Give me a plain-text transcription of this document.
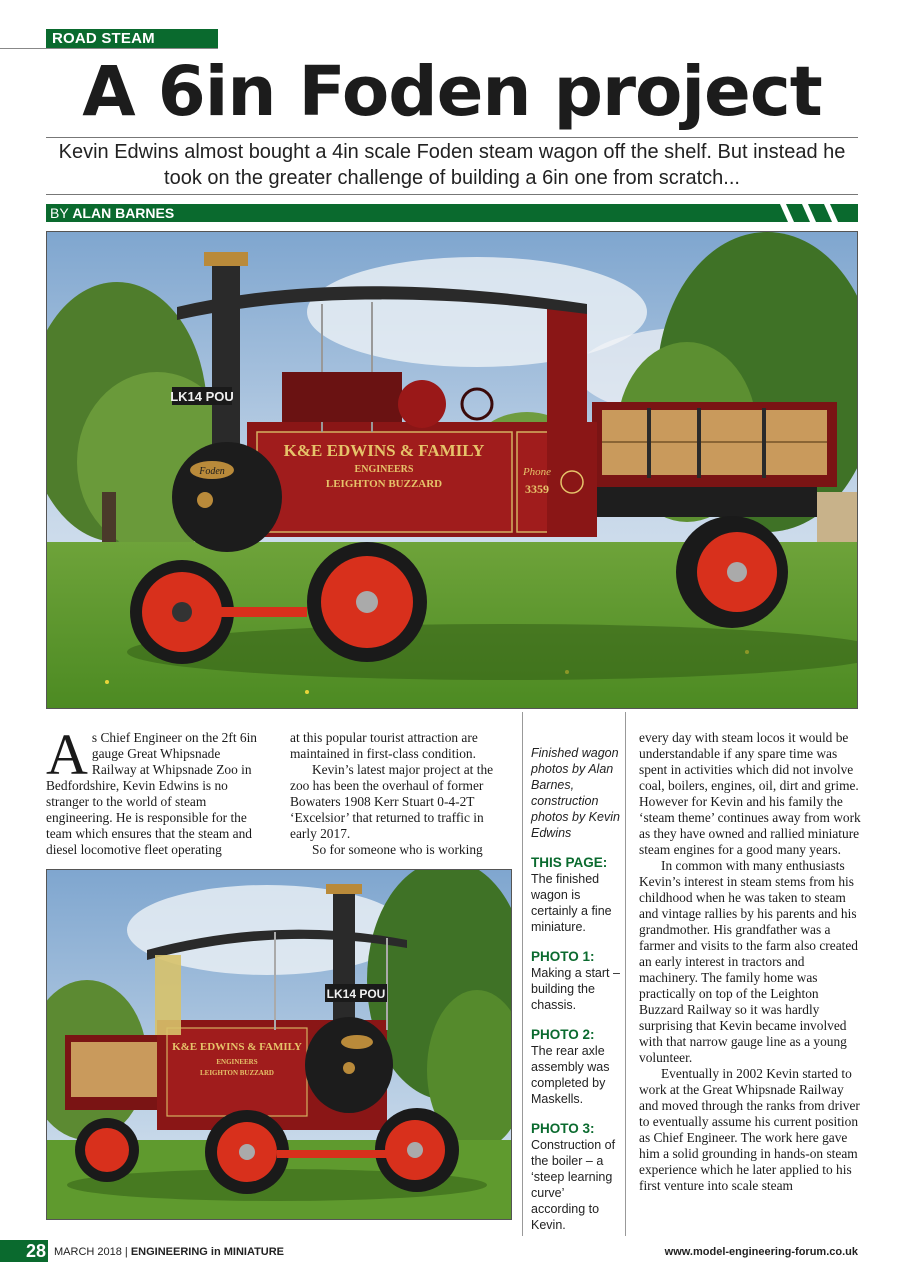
ROAD STEAM
A 6in Foden project
Kevin Edwins almost bought a 4in scale Foden steam wagon off the shelf. But instead he
took on the greater challenge of building a 6in one from scratch...
BY ALAN BARNES
K&E EDWINS & FAMILY
ENGINEERS
LEIGHTON BUZZARD
Phone
3359
LK14 POU
Foden

As Chief Engineer on the 2ft 6in gauge Great Whipsnade Railway at Whipsnade Zoo in Bedfordshire, Kevin Edwins is no stranger to the world of steam engineering. He is responsible for the team which ensures that the steam and diesel locomotive fleet operating

at this popular tourist attraction are maintained in first-class condition.

Kevin’s latest major project at the zoo has been the overhaul of former Bowaters 1908 Kerr Stuart 0-4-2T ‘Excelsior’ that returned to traffic in early 2017.

So for someone who is working

K&E EDWINS & FAMILY
ENGINEERS
LEIGHTON BUZZARD
LK14 POU
Finished wagon photos by Alan Barnes, construction photos by Kevin Edwins
THIS PAGE:
The finished wagon is certainly a fine miniature.
PHOTO 1:
Making a start – building the chassis.
PHOTO 2:
The rear axle assembly was completed by Maskells.
PHOTO 3:
Construction of the boiler – a ‘steep learning curve’ according to Kevin.

every day with steam locos it would be understandable if any spare time was spent in activities which did not involve coal, boilers, engines, oil, dirt and grime. However for Kevin and his family the ‘steam theme’ continues away from work as they have owned and rallied miniature steam engines for a good many years.

In common with many enthusiasts Kevin’s interest in steam stems from his childhood when he was taken to steam and vintage rallies by his parents and his grandmother. His grandfather was a farmer and visits to the farm also created an early interest in tractors and machinery. The family home was practically on top of the Leighton Buzzard Railway so it was hardly surprising that Kevin became involved with that narrow gauge line as a young volunteer.

Eventually in 2002 Kevin started to work at the Great Whipsnade Railway and moved through the ranks from driver to eventually assume his current position as Chief Engineer. The work here gave him a solid grounding in hands-on steam experience which he later applied to his first venture into scale steam

28 MARCH 2018 | ENGINEERING in MINIATURE	www.model-engineering-forum.co.uk
